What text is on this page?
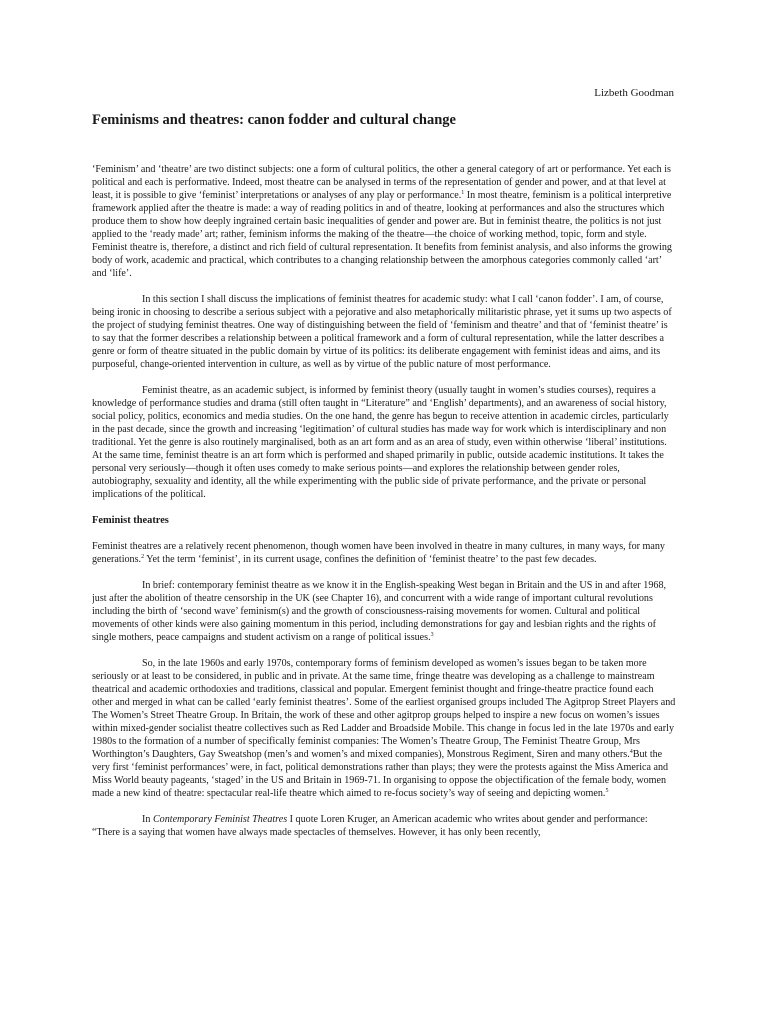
Lizbeth Goodman
Feminisms and theatres: canon fodder and cultural change

‘Feminism’ and ‘theatre’ are two distinct subjects: one a form of cultural politics, the other a general category of art or performance. Yet each is political and each is performative. Indeed, most theatre can be analysed in terms of the representation of gender and power, and at that level at least, it is possible to give ‘feminist’ interpretations or analyses of any play or performance.$^1$ In most theatre, feminism is a political interpretive framework applied after the theatre is made: a way of reading politics in and of theatre, looking at performances and also the structures which produce them to show how deeply ingrained certain basic inequalities of gender and power are. But in feminist theatre, the politics is not just applied to the ‘ready made’ art; rather, feminism informs the making of the theatre—the choice of working method, topic, form and style. Feminist theatre is, therefore, a distinct and rich field of cultural representation. It benefits from feminist analysis, and also informs the growing body of work, academic and practical, which contributes to a changing relationship between the amorphous categories commonly called ‘art’ and ‘life’.

In this section I shall discuss the implications of feminist theatres for academic study: what I call ‘canon fodder’. I am, of course, being ironic in choosing to describe a serious subject with a pejorative and also metaphorically militaristic phrase, yet it sums up two aspects of the project of studying feminist theatres. One way of distinguishing between the field of ‘feminism and theatre’ and that of ‘feminist theatre’ is to say that the former describes a relationship between a political framework and a form of cultural representation, while the latter describes a genre or form of theatre situated in the public domain by virtue of its politics: its deliberate engagement with feminist ideas and aims, and its purposeful, change-oriented intervention in culture, as well as by virtue of the public nature of most performance.

Feminist theatre, as an academic subject, is informed by feminist theory (usually taught in women’s studies courses), requires a knowledge of performance studies and drama (still often taught in “Literature” and ‘English’ departments), and an awareness of social history, social policy, politics, economics and media studies. On the one hand, the genre has begun to receive attention in academic circles, particularly in the past decade, since the growth and increasing ‘legitimation’ of cultural studies has made way for work which is interdisciplinary and non traditional. Yet the genre is also routinely marginalised, both as an art form and as an area of study, even within otherwise ‘liberal’ institutions. At the same time, feminist theatre is an art form which is performed and shaped primarily in public, outside academic institutions. It takes the personal very seriously—though it often uses comedy to make serious points—and explores the relationship between gender roles, autobiography, sexuality and identity, all the while experimenting with the public side of private performance, and the private or personal implications of the political.

Feminist theatres

Feminist theatres are a relatively recent phenomenon, though women have been involved in theatre in many cultures, in many ways, for many generations.$^2$ Yet the term ‘feminist’, in its current usage, confines the definition of ‘feminist theatre’ to the past few decades.

In brief: contemporary feminist theatre as we know it in the English-speaking West began in Britain and the US in and after 1968, just after the abolition of theatre censorship in the UK (see Chapter 16), and concurrent with a wide range of important cultural revolutions including the birth of ‘second wave’ feminism(s) and the growth of consciousness-raising movements for women. Cultural and political movements of other kinds were also gaining momentum in this period, including demonstrations for gay and lesbian rights and the rights of single mothers, peace campaigns and student activism on a range of political issues.$^3$

So, in the late 1960s and early 1970s, contemporary forms of feminism developed as women’s issues began to be taken more seriously or at least to be considered, in public and in private. At the same time, fringe theatre was developing as a challenge to mainstream theatrical and academic orthodoxies and traditions, classical and popular. Emergent feminist thought and fringe-theatre practice found each other and merged in what can be called ‘early feminist theatres’. Some of the earliest organised groups included The Agitprop Street Players and The Women’s Street Theatre Group. In Britain, the work of these and other agitprop groups helped to inspire a new focus on women’s issues within mixed-gender socialist theatre collectives such as Red Ladder and Broadside Mobile. This change in focus led in the late 1970s and early 1980s to the formation of a number of specifically feminist companies: The Women’s Theatre Group, The Feminist Theatre Group, Mrs Worthington’s Daughters, Gay Sweatshop (men’s and women’s and mixed companies), Monstrous Regiment, Siren and many others.$^4$But the very first ‘feminist performances’ were, in fact, political demonstrations rather than plays; they were the protests against the Miss America and Miss World beauty pageants, ‘staged’ in the US and Britain in 1969-71. In organising to oppose the objectification of the female body, women made a new kind of theatre: spectacular real-life theatre which aimed to re-focus society’s way of seeing and depicting women.$^5$

In Contemporary Feminist Theatres I quote Loren Kruger, an American academic who writes about gender and performance: “There is a saying that women have always made spectacles of themselves. However, it has only been recently,
